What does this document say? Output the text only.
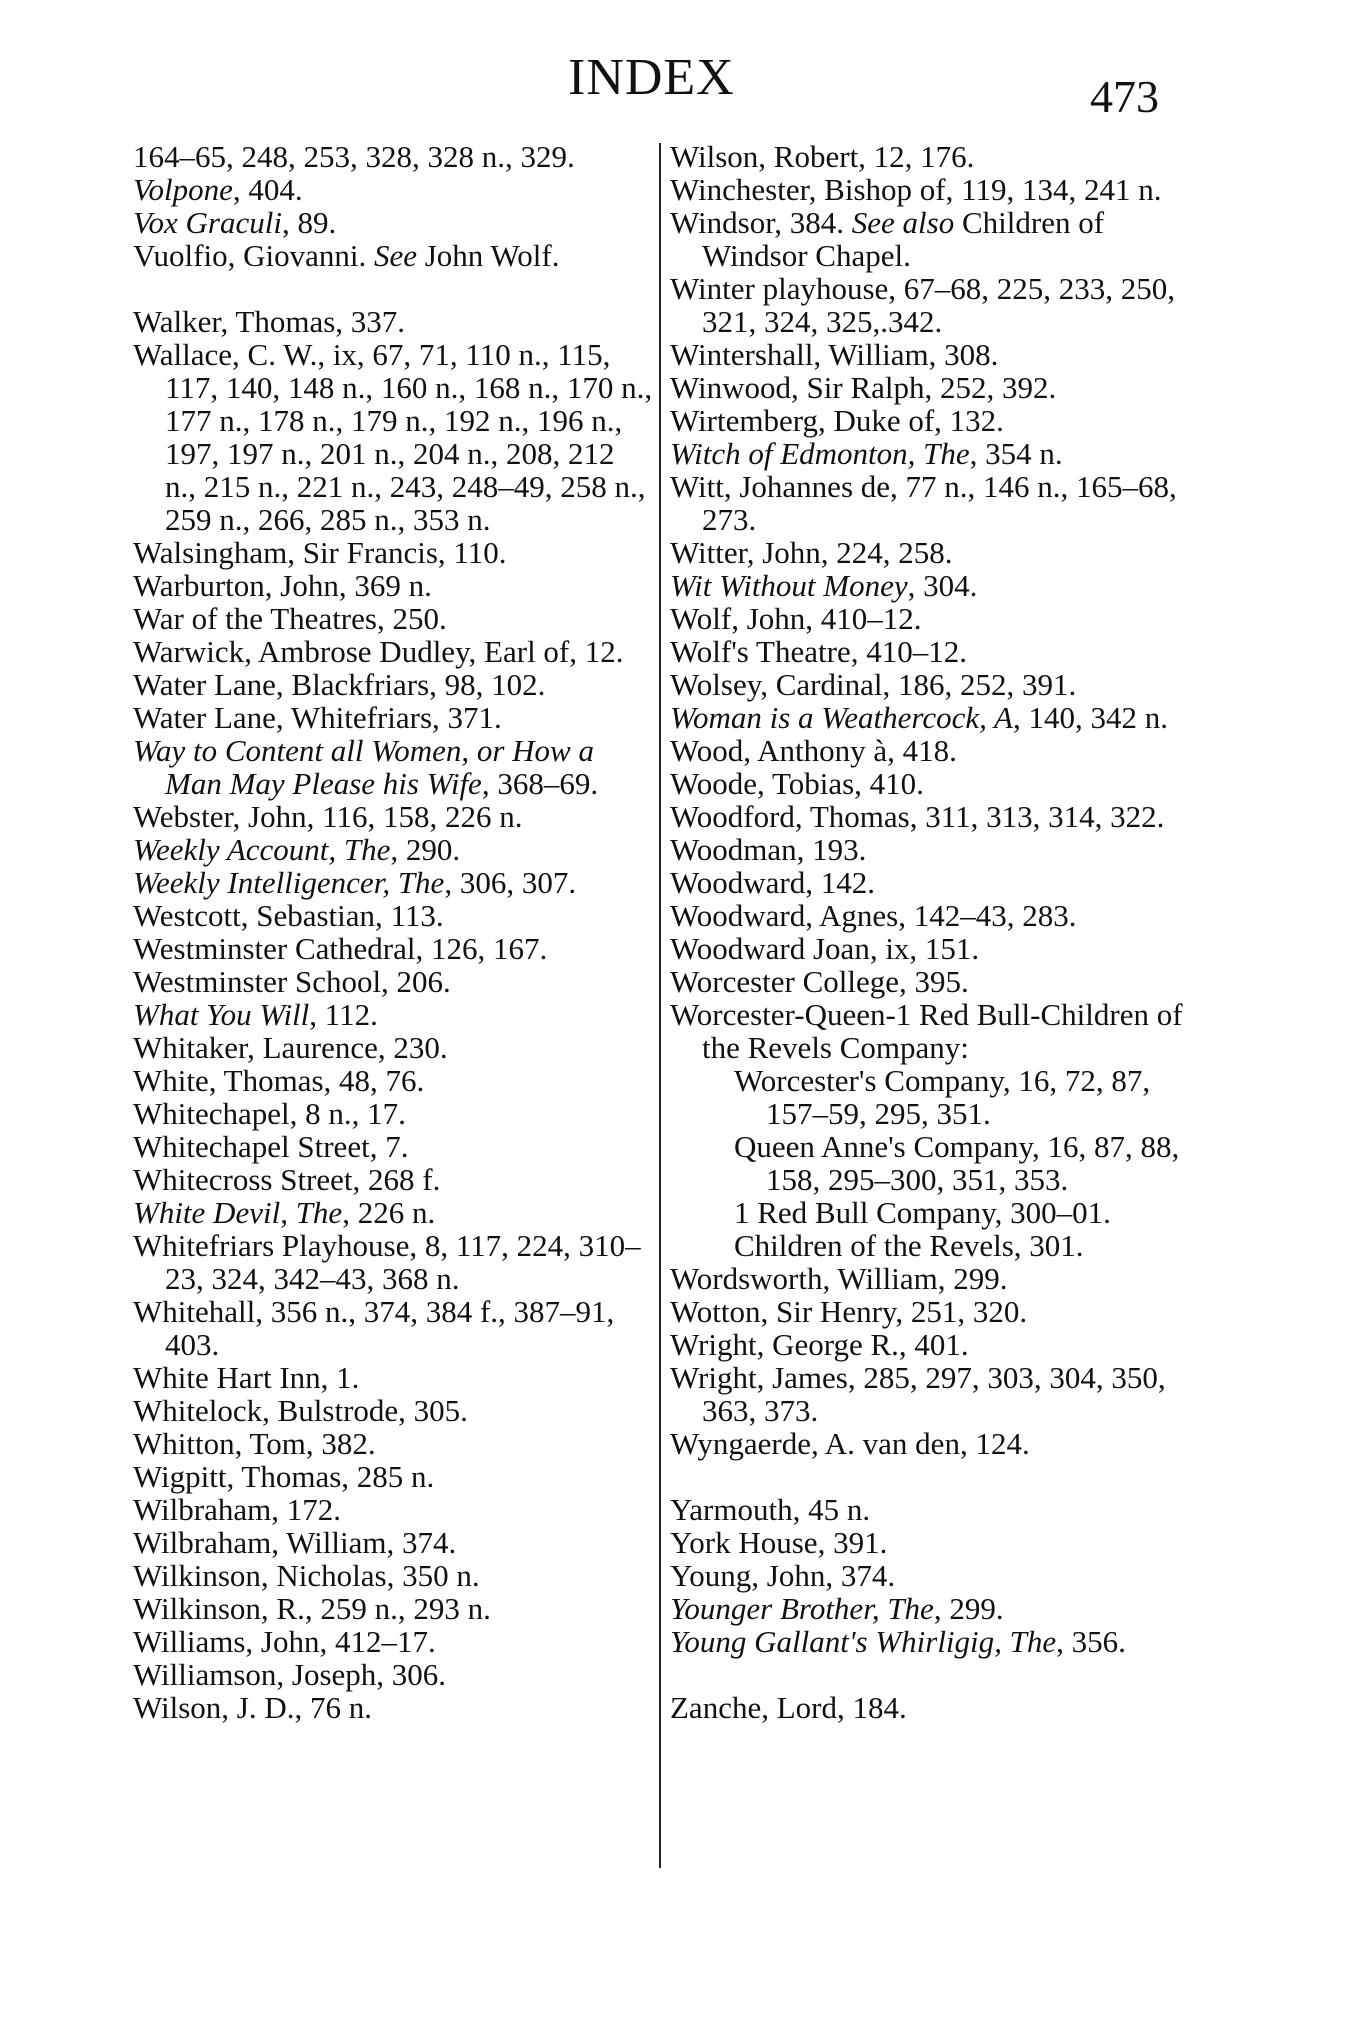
INDEX	473

164–65, 248, 253, 328, 328 n., 329.

Volpone, 404.

Vox Graculi, 89.

Vuolfio, Giovanni. See John Wolf.

Walker, Thomas, 337.

Wallace, C. W., ix, 67, 71, 110 n., 115, 117, 140, 148 n., 160 n., 168 n., 170 n., 177 n., 178 n., 179 n., 192 n., 196 n., 197, 197 n., 201 n., 204 n., 208, 212 n., 215 n., 221 n., 243, 248–49, 258 n., 259 n., 266, 285 n., 353 n.

Walsingham, Sir Francis, 110.

Warburton, John, 369 n.

War of the Theatres, 250.

Warwick, Ambrose Dudley, Earl of, 12.

Water Lane, Blackfriars, 98, 102.

Water Lane, Whitefriars, 371.

Way to Content all Women, or How a Man May Please his Wife, 368–69.

Webster, John, 116, 158, 226 n.

Weekly Account, The, 290.

Weekly Intelligencer, The, 306, 307.

Westcott, Sebastian, 113.

Westminster Cathedral, 126, 167.

Westminster School, 206.

What You Will, 112.

Whitaker, Laurence, 230.

White, Thomas, 48, 76.

Whitechapel, 8 n., 17.

Whitechapel Street, 7.

Whitecross Street, 268 f.

White Devil, The, 226 n.

Whitefriars Playhouse, 8, 117, 224, 310–23, 324, 342–43, 368 n.

Whitehall, 356 n., 374, 384 f., 387–91, 403.

White Hart Inn, 1.

Whitelock, Bulstrode, 305.

Whitton, Tom, 382.

Wigpitt, Thomas, 285 n.

Wilbraham, 172.

Wilbraham, William, 374.

Wilkinson, Nicholas, 350 n.

Wilkinson, R., 259 n., 293 n.

Williams, John, 412–17.

Williamson, Joseph, 306.

Wilson, J. D., 76 n.

Wilson, Robert, 12, 176.

Winchester, Bishop of, 119, 134, 241 n.

Windsor, 384. See also Children of Windsor Chapel.

Winter playhouse, 67–68, 225, 233, 250, 321, 324, 325,.342.

Wintershall, William, 308.

Winwood, Sir Ralph, 252, 392.

Wirtemberg, Duke of, 132.

Witch of Edmonton, The, 354 n.

Witt, Johannes de, 77 n., 146 n., 165–68, 273.

Witter, John, 224, 258.

Wit Without Money, 304.

Wolf, John, 410–12.

Wolf's Theatre, 410–12.

Wolsey, Cardinal, 186, 252, 391.

Woman is a Weathercock, A, 140, 342 n.

Wood, Anthony à, 418.

Woode, Tobias, 410.

Woodford, Thomas, 311, 313, 314, 322.

Woodman, 193.

Woodward, 142.

Woodward, Agnes, 142–43, 283.

Woodward Joan, ix, 151.

Worcester College, 395.

Worcester-Queen-1 Red Bull-Children of the Revels Company:

Worcester's Company, 16, 72, 87, 157–59, 295, 351.

Queen Anne's Company, 16, 87, 88, 158, 295–300, 351, 353.

1 Red Bull Company, 300–01.

Children of the Revels, 301.

Wordsworth, William, 299.

Wotton, Sir Henry, 251, 320.

Wright, George R., 401.

Wright, James, 285, 297, 303, 304, 350, 363, 373.

Wyngaerde, A. van den, 124.

Yarmouth, 45 n.

York House, 391.

Young, John, 374.

Younger Brother, The, 299.

Young Gallant's Whirligig, The, 356.

Zanche, Lord, 184.
